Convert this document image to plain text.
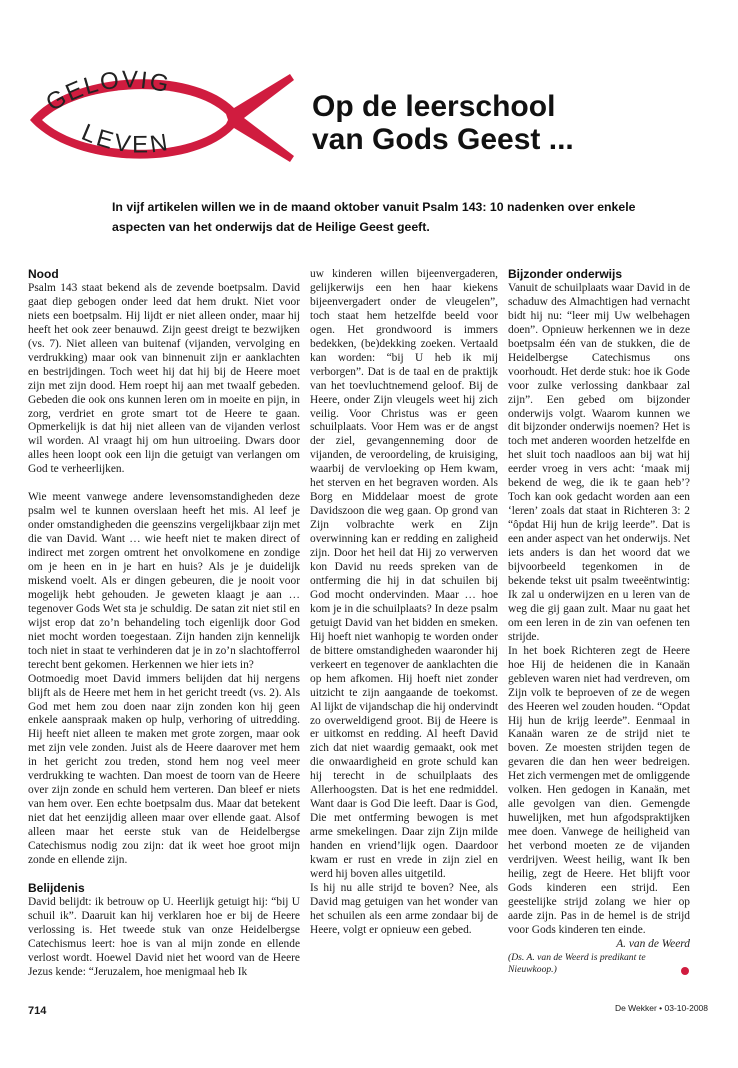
GELOVIG
LEVEN
Op de leerschool
van Gods Geest ...

In vijf artikelen willen we in de maand oktober vanuit Psalm 143: 10 nadenken over enkele aspecten van het onderwijs dat de Heilige Geest geeft.

Nood

Psalm 143 staat bekend als de zevende boetpsalm. David gaat diep gebogen onder leed dat hem drukt. Niet voor niets een boetpsalm. Hij lijdt er niet alleen onder, maar hij heeft het ook zeer benauwd. Zijn geest dreigt te bezwijken (vs. 7). Niet alleen van buitenaf (vijanden, vervolging en verdrukking) maar ook van binnenuit zijn er aanklachten en bestrijdingen. Toch weet hij dat hij bij de Heere moet zijn met zijn dood. Hem roept hij aan met twaalf gebeden. Gebeden die ook ons kunnen leren om in moeite en pijn, in zorg, verdriet en grote smart tot de Heere te gaan. Opmerkelijk is dat hij niet alleen van de vijanden verlost wil worden. Al vraagt hij om hun uitroeiing. Dwars door alles heen loopt ook een lijn die getuigt van verlangen om God te verheerlijken.

Wie meent vanwege andere levensomstandigheden deze psalm wel te kunnen overslaan heeft het mis. Al leef je onder omstandigheden die geenszins vergelijkbaar zijn met die van David. Want … wie heeft niet te maken direct of indirect met zorgen omtrent het onvolkomene en zondige om je heen en in je hart en huis? Als je je duidelijk miskend voelt. Als er dingen gebeuren, die je nooit voor mogelijk hebt gehouden. Je geweten klaagt je aan … tegenover Gods Wet sta je schuldig. De satan zit niet stil en wijst erop dat zo’n behandeling toch eigenlijk door God niet mocht worden toegestaan. Zijn handen zijn kennelijk toch niet in staat te verhinderen dat je in zo’n slachtofferrol terecht bent gekomen. Herkennen we hier iets in?

Ootmoedig moet David immers belijden dat hij nergens blijft als de Heere met hem in het gericht treedt (vs. 2). Als God met hem zou doen naar zijn zonden kon hij geen enkele aanspraak maken op hulp, verhoring of uitredding. Hij heeft niet alleen te maken met grote zorgen, maar ook met zijn vele zonden. Juist als de Heere daarover met hem in het gericht zou treden, stond hem nog veel meer verdrukking te wachten. Dan moest de toorn van de Heere over zijn zonde en schuld hem verteren. Dan bleef er niets van hem over. Een echte boetpsalm dus. Maar dat betekent niet dat het eenzijdig alleen maar over ellende gaat. Alsof alleen maar het eerste stuk van de Heidelbergse Catechismus nodig zou zijn: dat ik weet hoe groot mijn zonde en ellende zijn.

Belijdenis

David belijdt: ik betrouw op U. Heerlijk getuigt hij: “bij U schuil ik”. Daaruit kan hij verklaren hoe er bij de Heere verlossing is. Het tweede stuk van onze Heidelbergse Catechismus leert: hoe is van al mijn zonde en ellende verlost wordt. Hoewel David niet het woord van de Heere Jezus kende: “Jeruzalem, hoe menigmaal heb Ik

uw kinderen willen bijeenvergaderen, gelijkerwijs een hen haar kiekens bijeenvergadert onder de vleugelen”, toch staat hem hetzelfde beeld voor ogen. Het grondwoord is immers bedekken, (be)dekking zoeken. Vertaald kan worden: “bij U heb ik mij verborgen”. Dat is de taal en de praktijk van het toevluchtnemend geloof. Bij de Heere, onder Zijn vleugels weet hij zich veilig. Voor Christus was er geen schuilplaats. Voor Hem was er de angst der ziel, gevangenneming door de vijanden, de veroordeling, de kruisiging, waarbij de vervloeking op Hem kwam, het sterven en het begraven worden. Als Borg en Middelaar moest de grote Davidszoon die weg gaan. Op grond van Zijn volbrachte werk en Zijn overwinning kan er redding en zaligheid zijn. Door het heil dat Hij zo verwerven kon David nu reeds spreken van de ontferming die hij in dat schuilen bij God mocht ondervinden. Maar … hoe kom je in die schuilplaats? In deze psalm getuigt David van het bidden en smeken. Hij hoeft niet wanhopig te worden onder de bittere omstandigheden waaronder hij verkeert en tegenover de aanklachten die op hem afkomen. Hij hoeft niet zonder uitzicht te zijn aangaande de toekomst. Al lijkt de vijandschap die hij ondervindt zo overweldigend groot. Bij de Heere is er uitkomst en redding. Al heeft David zich dat niet waardig gemaakt, ook met die onwaardigheid en grote schuld kan hij terecht in de schuilplaats des Allerhoogsten. Dat is het ene redmiddel. Want daar is God Die leeft. Daar is God, Die met ontferming bewogen is met arme smekelingen. Daar zijn Zijn milde handen en vriend’lijk ogen. Daardoor kwam er rust en vrede in zijn ziel en werd hij boven alles uitgetild.

Is hij nu alle strijd te boven? Nee, als David mag getuigen van het wonder van het schuilen als een arme zondaar bij de Heere, volgt er opnieuw een gebed.

Bijzonder onderwijs

Vanuit de schuilplaats waar David in de schaduw des Almachtigen had vernacht bidt hij nu: “leer mij Uw welbehagen doen”. Opnieuw herkennen we in deze boetpsalm één van de stukken, die de Heidelbergse Catechismus ons voorhoudt. Het derde stuk: hoe ik Gode voor zulke verlossing dankbaar zal zijn”. Een gebed om bijzonder onderwijs volgt. Waarom kunnen we dit bijzonder onderwijs noemen? Het is toch met anderen woorden hetzelfde en het sluit toch naadloos aan bij wat hij eerder vroeg in vers acht: ‘maak mij bekend de weg, die ik te gaan heb’? Toch kan ook gedacht worden aan een ‘leren’ zoals dat staat in Richteren 3: 2 “ôpdat Hij hun de krijg leerde”. Dat is een ander aspect van het onderwijs. Net iets anders is dan het woord dat we bijvoorbeeld tegenkomen in de bekende tekst uit psalm tweeëntwintig: Ik zal u onderwijzen en u leren van de weg die gij gaan zult. Maar nu gaat het om een leren in de zin van oefenen ten strijde.

In het boek Richteren zegt de Heere hoe Hij de heidenen die in Kanaän gebleven waren niet had verdreven, om Zijn volk te beproeven of ze de wegen des Heeren wel zouden houden. “Opdat Hij hun de krijg leerde”. Eenmaal in Kanaän waren ze de strijd niet te boven. Ze moesten strijden tegen de gevaren die dan hen weer bedreigen. Het zich vermengen met de omliggende volken. Hen gedogen in Kanaän, met alle gevolgen van dien. Gemengde huwelijken, met hun afgodspraktijken mee doen. Vanwege de heiligheid van het verbond moeten ze de vijanden verdrijven. Weest heilig, want Ik ben heilig, zegt de Heere. Het blijft voor Gods kinderen een strijd. Een geestelijke strijd zolang we hier op aarde zijn. Pas in de hemel is de strijd voor Gods kinderen ten einde.

A. van de Weerd

(Ds. A. van de Weerd is predikant te Nieuwkoop.)

714	De Wekker • 03-10-2008
